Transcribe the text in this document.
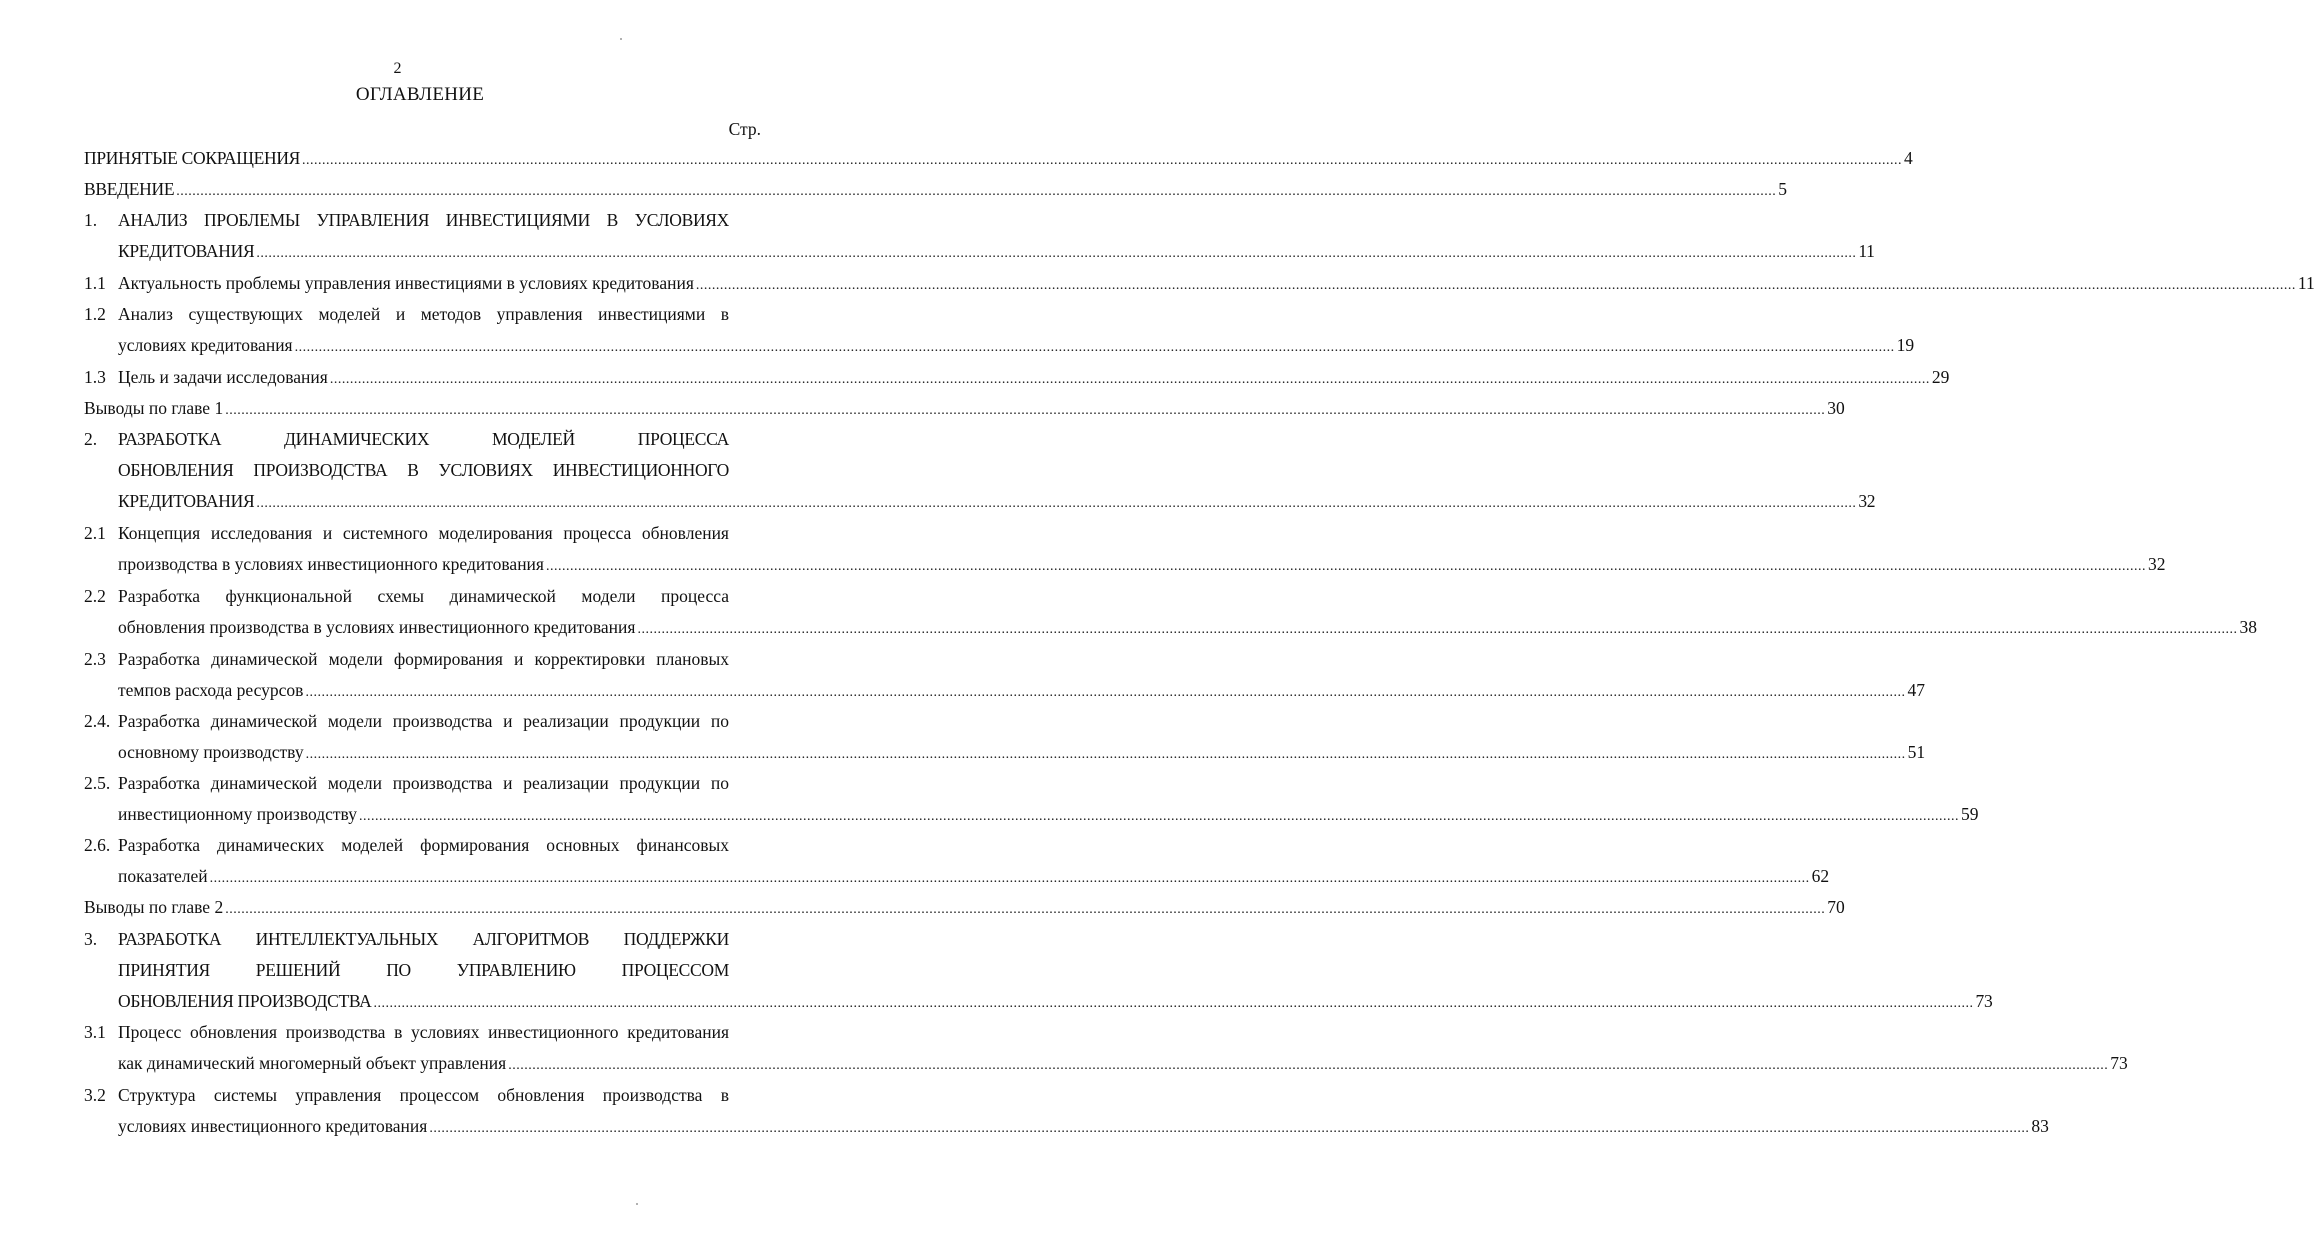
2
ОГЛАВЛЕНИЕ
Стр.
ПРИНЯТЫЕ СОКРАЩЕНИЯ ................................................................................................................................................................................................................................................................................................................................................................................................................ 4
ВВЕДЕНИЕ ................................................................................................................................................................................................................................................................................................................................................................................................................ 5
1. АНАЛИЗ ПРОБЛЕМЫ УПРАВЛЕНИЯ ИНВЕСТИЦИЯМИ В УСЛОВИЯХ
КРЕДИТОВАНИЯ ................................................................................................................................................................................................................................................................................................................................................................................................................ 11
1.1 Актуальность проблемы управления инвестициями в условиях кредитования ................................................................................................................................................................................................................................................................................................................................................................................................................ 11
1.2 Анализ существующих моделей и методов управления инвестициями в
условиях кредитования ................................................................................................................................................................................................................................................................................................................................................................................................................ 19
1.3 Цель и задачи исследования ................................................................................................................................................................................................................................................................................................................................................................................................................ 29
Выводы по главе 1 ................................................................................................................................................................................................................................................................................................................................................................................................................ 30
2. РАЗРАБОТКА ДИНАМИЧЕСКИХ МОДЕЛЕЙ ПРОЦЕССА
ОБНОВЛЕНИЯ ПРОИЗВОДСТВА В УСЛОВИЯХ ИНВЕСТИЦИОННОГО
КРЕДИТОВАНИЯ ................................................................................................................................................................................................................................................................................................................................................................................................................ 32
2.1 Концепция исследования и системного моделирования процесса обновления
производства в условиях инвестиционного кредитования ................................................................................................................................................................................................................................................................................................................................................................................................................ 32
2.2 Разработка функциональной схемы динамической модели процесса
обновления производства в условиях инвестиционного кредитования ................................................................................................................................................................................................................................................................................................................................................................................................................ 38
2.3 Разработка динамической модели формирования и корректировки плановых
темпов расхода ресурсов ................................................................................................................................................................................................................................................................................................................................................................................................................ 47
2.4. Разработка динамической модели производства и реализации продукции по
основному производству ................................................................................................................................................................................................................................................................................................................................................................................................................ 51
2.5. Разработка динамической модели производства и реализации продукции по
инвестиционному производству ................................................................................................................................................................................................................................................................................................................................................................................................................ 59
2.6. Разработка динамических моделей формирования основных финансовых
показателей ................................................................................................................................................................................................................................................................................................................................................................................................................ 62
Выводы по главе 2 ................................................................................................................................................................................................................................................................................................................................................................................................................ 70
3. РАЗРАБОТКА ИНТЕЛЛЕКТУАЛЬНЫХ АЛГОРИТМОВ ПОДДЕРЖКИ
ПРИНЯТИЯ РЕШЕНИЙ ПО УПРАВЛЕНИЮ ПРОЦЕССОМ
ОБНОВЛЕНИЯ ПРОИЗВОДСТВА ................................................................................................................................................................................................................................................................................................................................................................................................................ 73
3.1 Процесс обновления производства в условиях инвестиционного кредитования
как динамический многомерный объект управления ................................................................................................................................................................................................................................................................................................................................................................................................................ 73
3.2 Структура системы управления процессом обновления производства в
условиях инвестиционного кредитования ................................................................................................................................................................................................................................................................................................................................................................................................................ 83
